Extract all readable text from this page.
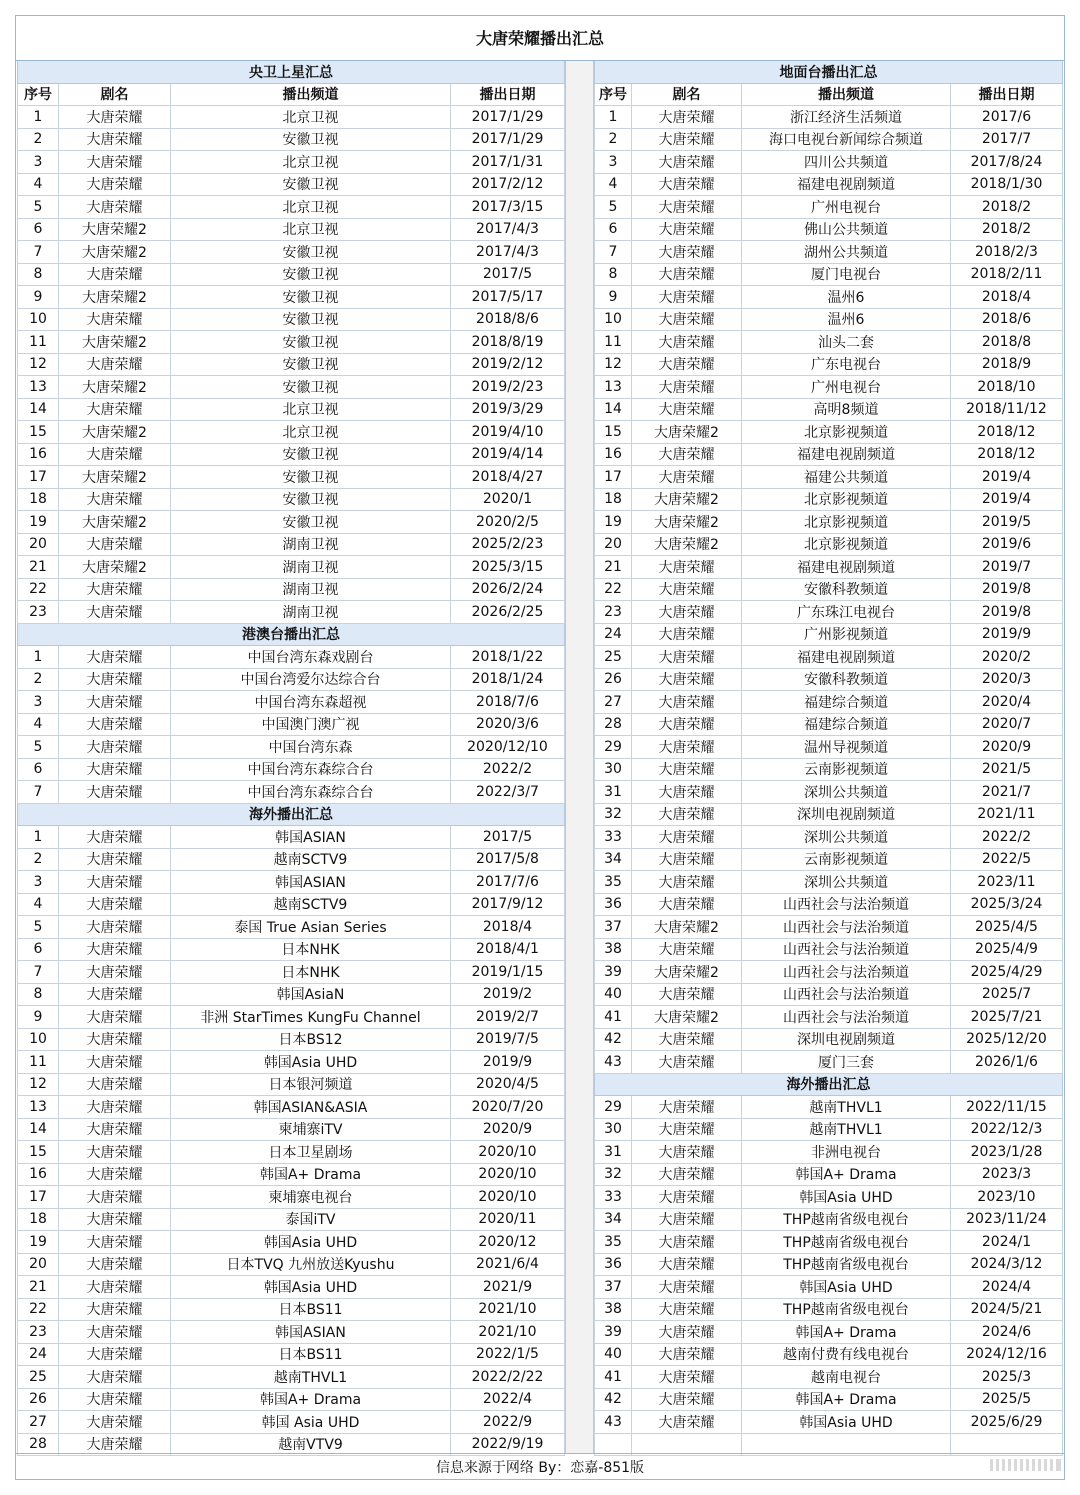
大唐荣耀播出汇总
央卫上星汇总
序号	剧名	播出频道	播出日期
1	大唐荣耀	北京卫视	2017/1/29
2	大唐荣耀	安徽卫视	2017/1/29
3	大唐荣耀	北京卫视	2017/1/31
4	大唐荣耀	安徽卫视	2017/2/12
5	大唐荣耀	北京卫视	2017/3/15
6	大唐荣耀2	北京卫视	2017/4/3
7	大唐荣耀2	安徽卫视	2017/4/3
8	大唐荣耀	安徽卫视	2017/5
9	大唐荣耀2	安徽卫视	2017/5/17
10	大唐荣耀	安徽卫视	2018/8/6
11	大唐荣耀2	安徽卫视	2018/8/19
12	大唐荣耀	安徽卫视	2019/2/12
13	大唐荣耀2	安徽卫视	2019/2/23
14	大唐荣耀	北京卫视	2019/3/29
15	大唐荣耀2	北京卫视	2019/4/10
16	大唐荣耀	安徽卫视	2019/4/14
17	大唐荣耀2	安徽卫视	2018/4/27
18	大唐荣耀	安徽卫视	2020/1
19	大唐荣耀2	安徽卫视	2020/2/5
20	大唐荣耀	湖南卫视	2025/2/23
21	大唐荣耀2	湖南卫视	2025/3/15
22	大唐荣耀	湖南卫视	2026/2/24
23	大唐荣耀	湖南卫视	2026/2/25
港澳台播出汇总
1	大唐荣耀	中国台湾东森戏剧台	2018/1/22
2	大唐荣耀	中国台湾爱尔达综合台	2018/1/24
3	大唐荣耀	中国台湾东森超视	2018/7/6
4	大唐荣耀	中国澳门澳广视	2020/3/6
5	大唐荣耀	中国台湾东森	2020/12/10
6	大唐荣耀	中国台湾东森综合台	2022/2
7	大唐荣耀	中国台湾东森综合台	2022/3/7
海外播出汇总
1	大唐荣耀	韩国ASIAN	2017/5
2	大唐荣耀	越南SCTV9	2017/5/8
3	大唐荣耀	韩国ASIAN	2017/7/6
4	大唐荣耀	越南SCTV9	2017/9/12
5	大唐荣耀	泰国 True Asian Series	2018/4
6	大唐荣耀	日本NHK	2018/4/1
7	大唐荣耀	日本NHK	2019/1/15
8	大唐荣耀	韩国AsiaN	2019/2
9	大唐荣耀	非洲 StarTimes KungFu Channel	2019/2/7
10	大唐荣耀	日本BS12	2019/7/5
11	大唐荣耀	韩国Asia UHD	2019/9
12	大唐荣耀	日本银河频道	2020/4/5
13	大唐荣耀	韩国ASIAN&ASIA	2020/7/20
14	大唐荣耀	柬埔寨iTV	2020/9
15	大唐荣耀	日本卫星剧场	2020/10
16	大唐荣耀	韩国A+ Drama	2020/10
17	大唐荣耀	柬埔寨电视台	2020/10
18	大唐荣耀	泰国iTV	2020/11
19	大唐荣耀	韩国Asia UHD	2020/12
20	大唐荣耀	日本TVQ 九州放送Kyushu	2021/6/4
21	大唐荣耀	韩国Asia UHD	2021/9
22	大唐荣耀	日本BS11	2021/10
23	大唐荣耀	韩国ASIAN	2021/10
24	大唐荣耀	日本BS11	2022/1/5
25	大唐荣耀	越南THVL1	2022/2/22
26	大唐荣耀	韩国A+ Drama	2022/4
27	大唐荣耀	韩国 Asia UHD	2022/9
28	大唐荣耀	越南VTV9	2022/9/19
地面台播出汇总
序号	剧名	播出频道	播出日期
1	大唐荣耀	浙江经济生活频道	2017/6
2	大唐荣耀	海口电视台新闻综合频道	2017/7
3	大唐荣耀	四川公共频道	2017/8/24
4	大唐荣耀	福建电视剧频道	2018/1/30
5	大唐荣耀	广州电视台	2018/2
6	大唐荣耀	佛山公共频道	2018/2
7	大唐荣耀	湖州公共频道	2018/2/3
8	大唐荣耀	厦门电视台	2018/2/11
9	大唐荣耀	温州6	2018/4
10	大唐荣耀	温州6	2018/6
11	大唐荣耀	汕头二套	2018/8
12	大唐荣耀	广东电视台	2018/9
13	大唐荣耀	广州电视台	2018/10
14	大唐荣耀	高明8频道	2018/11/12
15	大唐荣耀2	北京影视频道	2018/12
16	大唐荣耀	福建电视剧频道	2018/12
17	大唐荣耀	福建公共频道	2019/4
18	大唐荣耀2	北京影视频道	2019/4
19	大唐荣耀2	北京影视频道	2019/5
20	大唐荣耀2	北京影视频道	2019/6
21	大唐荣耀	福建电视剧频道	2019/7
22	大唐荣耀	安徽科教频道	2019/8
23	大唐荣耀	广东珠江电视台	2019/8
24	大唐荣耀	广州影视频道	2019/9
25	大唐荣耀	福建电视剧频道	2020/2
26	大唐荣耀	安徽科教频道	2020/3
27	大唐荣耀	福建综合频道	2020/4
28	大唐荣耀	福建综合频道	2020/7
29	大唐荣耀	温州导视频道	2020/9
30	大唐荣耀	云南影视频道	2021/5
31	大唐荣耀	深圳公共频道	2021/7
32	大唐荣耀	深圳电视剧频道	2021/11
33	大唐荣耀	深圳公共频道	2022/2
34	大唐荣耀	云南影视频道	2022/5
35	大唐荣耀	深圳公共频道	2023/11
36	大唐荣耀	山西社会与法治频道	2025/3/24
37	大唐荣耀2	山西社会与法治频道	2025/4/5
38	大唐荣耀	山西社会与法治频道	2025/4/9
39	大唐荣耀2	山西社会与法治频道	2025/4/29
40	大唐荣耀	山西社会与法治频道	2025/7
41	大唐荣耀2	山西社会与法治频道	2025/7/21
42	大唐荣耀	深圳电视剧频道	2025/12/20
43	大唐荣耀	厦门三套	2026/1/6
海外播出汇总
29	大唐荣耀	越南THVL1	2022/11/15
30	大唐荣耀	越南THVL1	2022/12/3
31	大唐荣耀	非洲电视台	2023/1/28
32	大唐荣耀	韩国A+ Drama	2023/3
33	大唐荣耀	韩国Asia UHD	2023/10
34	大唐荣耀	THP越南省级电视台	2023/11/24
35	大唐荣耀	THP越南省级电视台	2024/1
36	大唐荣耀	THP越南省级电视台	2024/3/12
37	大唐荣耀	韩国Asia UHD	2024/4
38	大唐荣耀	THP越南省级电视台	2024/5/21
39	大唐荣耀	韩国A+ Drama	2024/6
40	大唐荣耀	越南付费有线电视台	2024/12/16
41	大唐荣耀	越南电视台	2025/3
42	大唐荣耀	韩国A+ Drama	2025/5
43	大唐荣耀	韩国Asia UHD	2025/6/29
信息来源于网络 By：恋嘉-851版
